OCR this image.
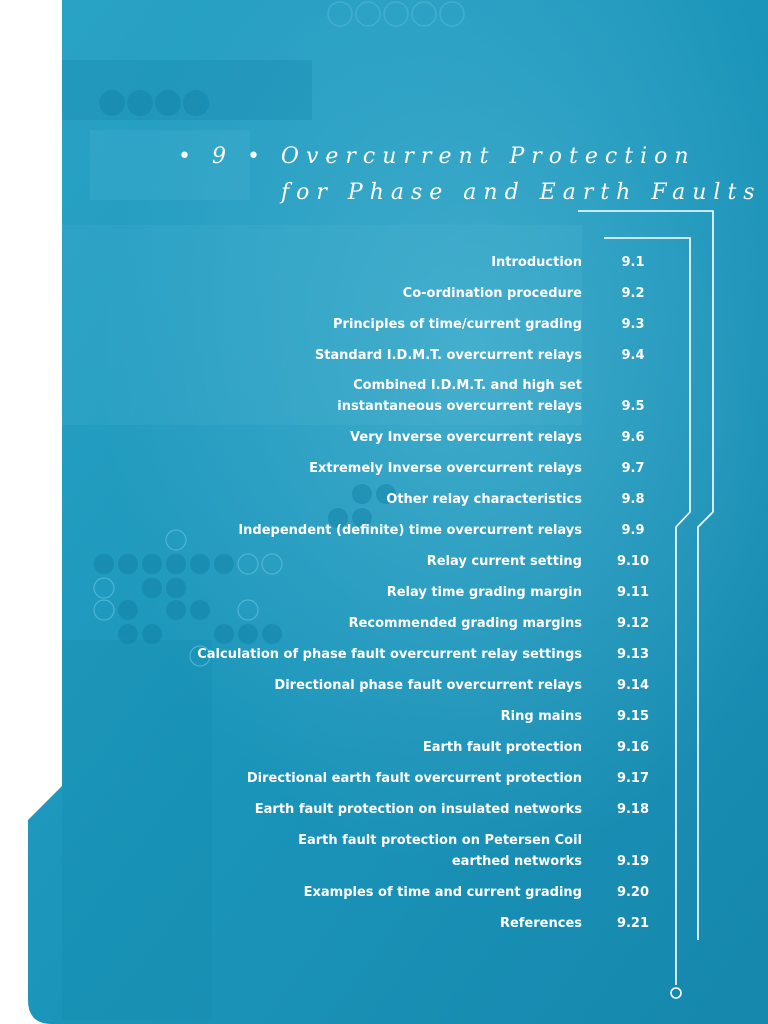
• 9 • Overcurrent Protection
for Phase and Earth Faults
Introduction	9.1
Co-ordination procedure	9.2
Principles of time/current grading	9.3
Standard I.D.M.T. overcurrent relays	9.4
Combined I.D.M.T. and high set
instantaneous overcurrent relays	9.5
Very Inverse overcurrent relays	9.6
Extremely Inverse overcurrent relays	9.7
Other relay characteristics	9.8
Independent (definite) time overcurrent relays	9.9
Relay current setting	9.10
Relay time grading margin	9.11
Recommended grading margins	9.12
Calculation of phase fault overcurrent relay settings	9.13
Directional phase fault overcurrent relays	9.14
Ring mains	9.15
Earth fault protection	9.16
Directional earth fault overcurrent protection	9.17
Earth fault protection on insulated networks	9.18
Earth fault protection on Petersen Coil
earthed networks	9.19
Examples of time and current grading	9.20
References	9.21
